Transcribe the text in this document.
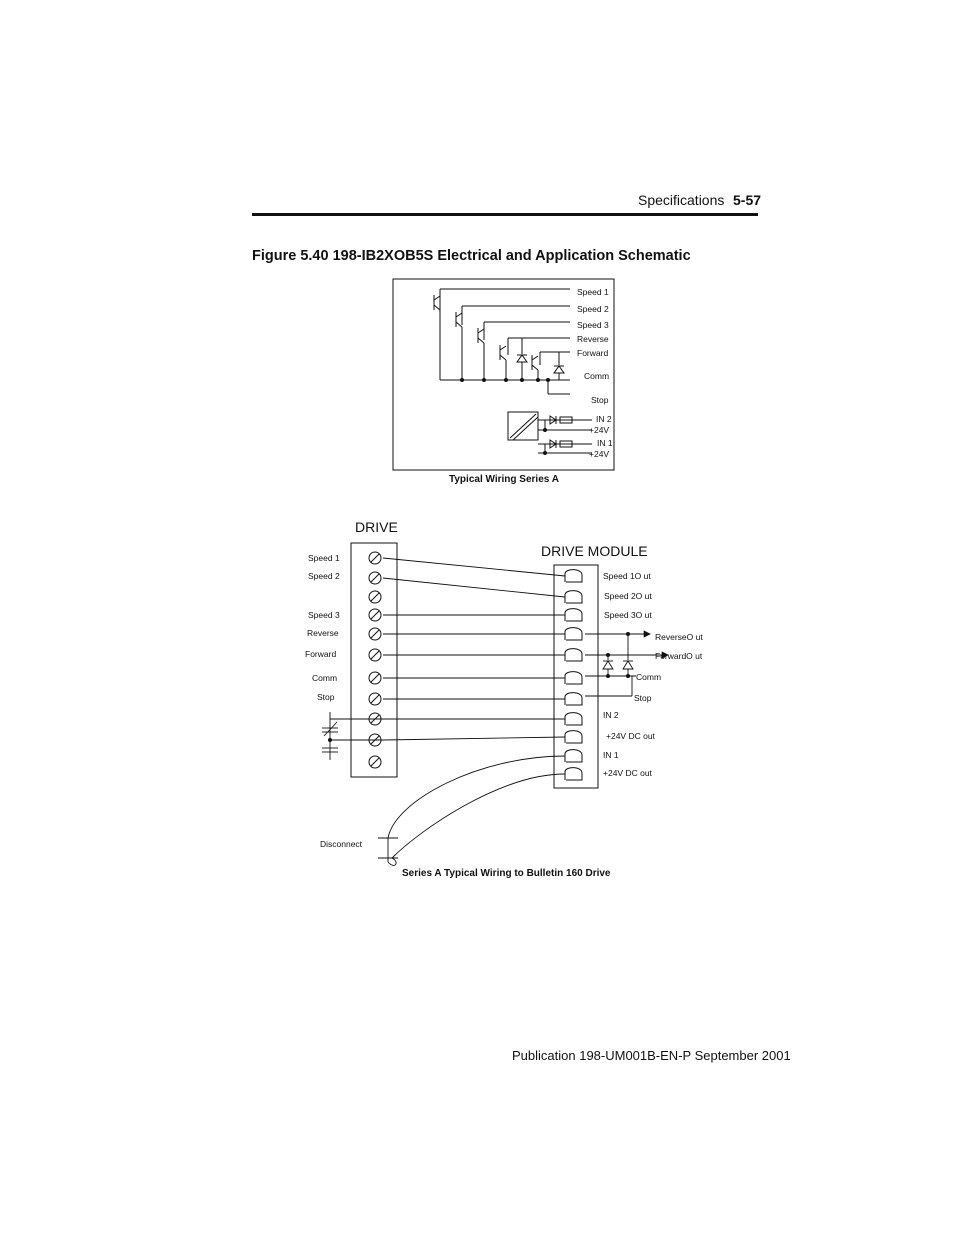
Specifications 5-57
Figure 5.40 198-IB2XOB5S Electrical and Application Schematic
Speed 1
Speed 2
Speed 3
Reverse
Forward
Comm
Stop
IN 2
+24V
IN 1
+24V
DRIVE
DRIVE MODULE
Speed 1
Speed 2
Speed 3
Reverse
Forward
Comm
Stop
Speed 1O ut
Speed 2O ut
Speed 3O ut
ReverseO ut
ForwardO ut
Comm
Stop
IN 2
+24V DC out
IN 1
+24V DC out
Disconnect
Typical Wiring Series A
Series A Typical Wiring to Bulletin 160 Drive
Publication 198-UM001B-EN-P September 2001
